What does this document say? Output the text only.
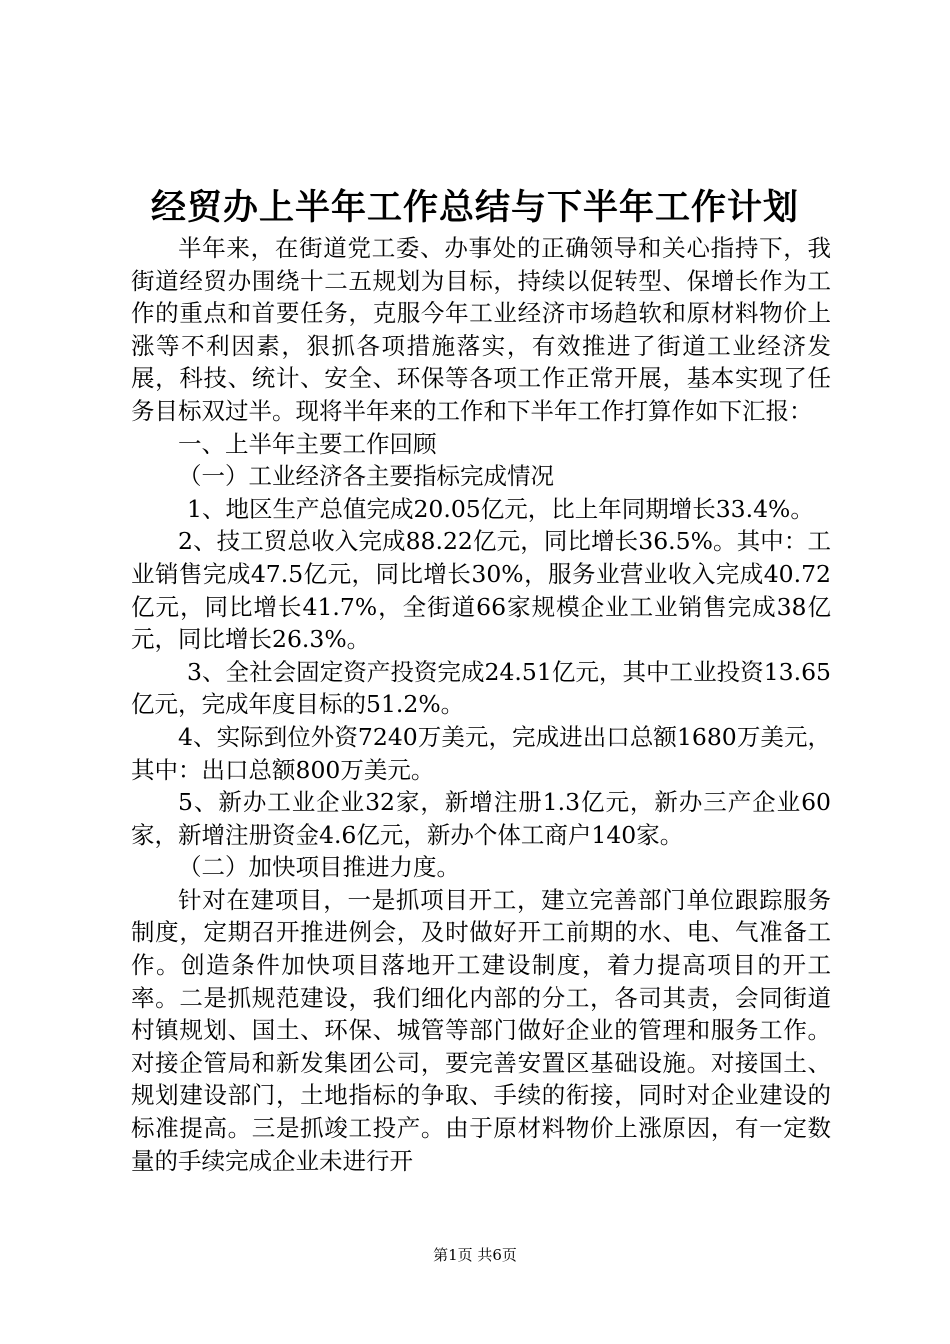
经贸办上半年工作总结与下半年工作计划

半年来，在街道党工委、办事处的正确领导和关心指持下，我街道经贸办围绕十二五规划为目标，持续以促转型、保增长作为工作的重点和首要任务，克服今年工业经济市场趋软和原材料物价上涨等不利因素，狠抓各项措施落实，有效推进了街道工业经济发展，科技、统计、安全、环保等各项工作正常开展，基本实现了任务目标双过半。现将半年来的工作和下半年工作打算作如下汇报：

一、上半年主要工作回顾

（一）工业经济各主要指标完成情况

1、地区生产总值完成20.05亿元，比上年同期增长33.4%。

2、技工贸总收入完成88.22亿元，同比增长36.5%。其中：工业销售完成47.5亿元，同比增长30%，服务业营业收入完成40.72亿元，同比增长41.7%，全街道66家规模企业工业销售完成38亿元，同比增长26.3%。

3、全社会固定资产投资完成24.51亿元，其中工业投资13.65亿元，完成年度目标的51.2%。

4、实际到位外资7240万美元，完成进出口总额1680万美元，其中：出口总额800万美元。

5、新办工业企业32家，新增注册1.3亿元，新办三产企业60家，新增注册资金4.6亿元，新办个体工商户140家。

（二）加快项目推进力度。

针对在建项目，一是抓项目开工，建立完善部门单位跟踪服务制度，定期召开推进例会，及时做好开工前期的水、电、气准备工作。创造条件加快项目落地开工建设制度，着力提高项目的开工率。二是抓规范建设，我们细化内部的分工，各司其责，会同街道村镇规划、国土、环保、城管等部门做好企业的管理和服务工作。对接企管局和新发集团公司，要完善安置区基础设施。对接国土、规划建设部门，土地指标的争取、手续的衔接，同时对企业建设的标准提高。三是抓竣工投产。由于原材料物价上涨原因，有一定数量的手续完成企业未进行开

第1页 共6页
